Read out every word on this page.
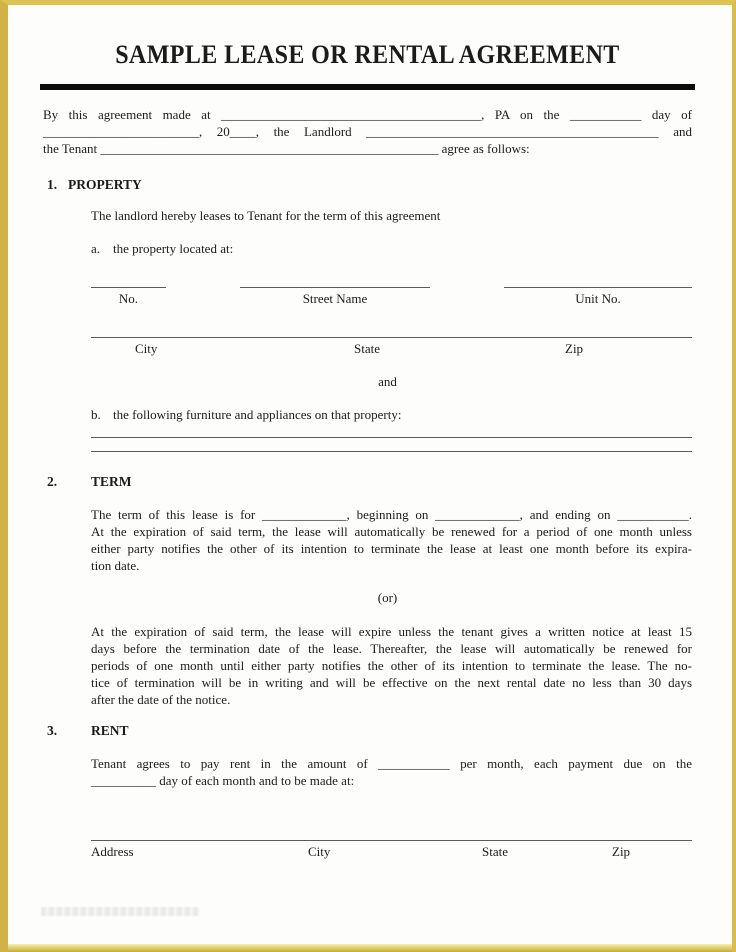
SAMPLE LEASE OR RENTAL AGREEMENT
By this agreement made at ________________________________________, PA on the ___________ day of
________________________, 20____, the Landlord _____________________________________________ and
the Tenant ____________________________________________________ agree as follows:
1. PROPERTY
The landlord hereby leases to Tenant for the term of this agreement
a. the property located at:
No.	Street Name	Unit No.
City	State	Zip
and
b. the following furniture and appliances on that property:
2.	TERM
The term of this lease is for _____________, beginning on _____________, and ending on ___________.
At the expiration of said term, the lease will automatically be renewed for a period of one month unless
either party notifies the other of its intention to terminate the lease at least one month before its expira-
tion date.
(or)
At the expiration of said term, the lease will expire unless the tenant gives a written notice at least 15
days before the termination date of the lease. Thereafter, the lease will automatically be renewed for
periods of one month until either party notifies the other of its intention to terminate the lease. The no-
tice of termination will be in writing and will be effective on the next rental date no less than 30 days
after the date of the notice.
3.	RENT
Tenant agrees to pay rent in the amount of ___________ per month, each payment due on the
__________ day of each month and to be made at:
Address	City	State	Zip
